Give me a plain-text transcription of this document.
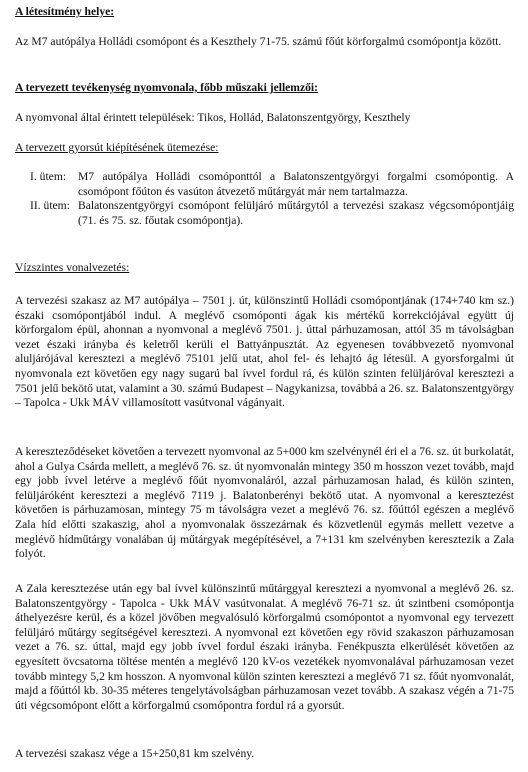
A létesítmény helye:
Az M7 autópálya Holládi csomópont és a Keszthely 71-75. számú főút körforgalmú csomópontja között.
A tervezett tevékenység nyomvonala, főbb műszaki jellemzői:
A nyomvonal által érintett települések: Tikos, Hollád, Balatonszentgyörgy, Keszthely
A tervezett gyorsút kiépítésének ütemezése:
I. ütem:	M7 autópálya Holládi csomóponttól a Balatonszentgyörgyi forgalmi csomópontig. A csomópont főúton és vasúton átvezető műtárgyát már nem tartalmazza.
II. ütem: Balatonszentgyörgyi csomópont felüljáró műtárgytól a tervezési szakasz végcsomópontjáig (71. és 75. sz. főutak csomópontja).
Vízszintes vonalvezetés:
A tervezési szakasz az M7 autópálya – 7501 j. út, különszintű Holládi csomópontjának (174+740 km sz.) északi csomópontjából indul. A meglévő csomóponti ágak kis mértékű korrekciójával együtt új körforgalom épül, ahonnan a nyomvonal a meglévő 7501. j. úttal párhuzamosan, attól 35 m távolságban vezet északi irányba és keletről kerüli el Battyánpusztát. Az egyenesen továbbvezető nyomvonal aluljárójával keresztezi a meglévő 75101 jelű utat, ahol fel- és lehajtó ág létesül. A gyorsforgalmi út nyomvonala ezt követően egy nagy sugarú bal ívvel fordul rá, és külön szinten felüljáróval keresztezi a 7501 jelű bekötő utat, valamint a 30. számú Budapest – Nagykanizsa, továbbá a 26. sz. Balatonszentgyörgy – Tapolca - Ukk MÁV villamosított vasútvonal vágányait.
A kereszteződéseket követően a tervezett nyomvonal az 5+000 km szelvénynél éri el a 76. sz. út burkolatát, ahol a Gulya Csárda mellett, a meglévő 76. sz. út nyomvonalán mintegy 350 m hosszon vezet tovább, majd egy jobb ívvel letérve a meglévő főút nyomvonaláról, azzal párhuzamosan halad, és külön szinten, felüljáróként keresztezi a meglévő 7119 j. Balatonberényi bekötő utat. A nyomvonal a keresztezést követően is párhuzamosan, mintegy 75 m távolságra vezet a meglévő 76. sz. főúttól egészen a meglévő Zala híd előtti szakaszig, ahol a nyomvonalak összezárnak és közvetlenül egymás mellett vezetve a meglévő hídműtárgy vonalában új műtárgyak megépítésével, a 7+131 km szelvényben keresztezik a Zala folyót.
A Zala keresztezése után egy bal ívvel különszintű műtárggyal keresztezi a nyomvonal a meglévő 26. sz. Balatonszentgyörgy - Tapolca - Ukk MÁV vasútvonalat. A meglévő 76-71 sz. út szintbeni csomópontja áthelyezésre kerül, és a közel jövőben megvalósuló körforgalmú csomópontot a nyomvonal egy tervezett felüljáró műtárgy segítségével keresztezi. A nyomvonal ezt követően egy rövid szakaszon párhuzamosan vezet a 76. sz. úttal, majd egy jobb ívvel fordul északi irányba. Fenékpuszta elkerülését követően az egyesített övcsatorna töltése mentén a meglévő 120 kV-os vezetékek nyomvonalával párhuzamosan vezet tovább mintegy 5,2 km hosszon. A nyomvonal külön szinten keresztezi a meglévő 71 sz. főút nyomvonalát, majd a főúttól kb. 30-35 méteres tengelytávolságban párhuzamosan vezet tovább. A szakasz végén a 71-75 úti végcsomópont előtt a körforgalmú csomópontra fordul rá a gyorsút.
A tervezési szakasz vége a 15+250,81 km szelvény.
